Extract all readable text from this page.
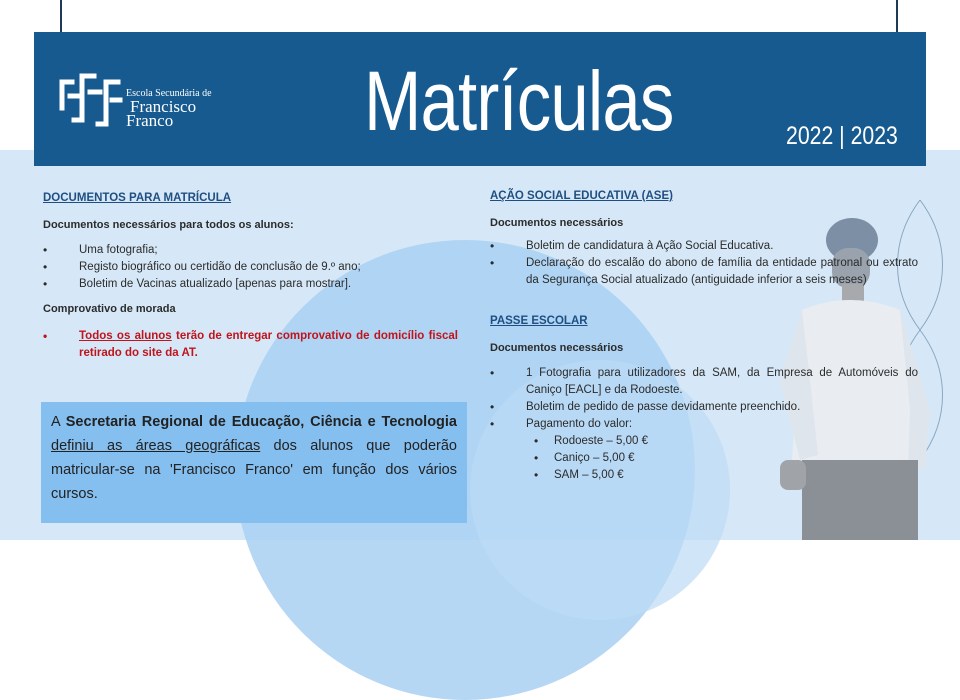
Escola Secundária de
Francisco
Franco Matrículas	2022 | 2023
DOCUMENTOS PARA MATRÍCULA
Documentos necessários para todos os alunos:
• Uma fotografia;
• Registo biográfico ou certidão de conclusão de 9.º ano;
• Boletim de Vacinas atualizado [apenas para mostrar].
Comprovativo de morada
• Todos os alunos terão de entregar comprovativo de domicílio fiscal retirado do site da AT.
A Secretaria Regional de Educação, Ciência e Tecnologia definiu as áreas geográficas dos alunos que poderão matricular-se na 'Francisco Franco' em função dos vários cursos.
AÇÃO SOCIAL EDUCATIVA (ASE)
Documentos necessários
• Boletim de candidatura à Ação Social Educativa.
• Declaração do escalão do abono de família da entidade patronal ou extrato da Segurança Social atualizado (antiguidade inferior a seis meses)
PASSE ESCOLAR
Documentos necessários
• 1 Fotografia para utilizadores da SAM, da Empresa de Automóveis do Caniço [EACL] e da Rodoeste.
• Boletim de pedido de passe devidamente preenchido.
• Pagamento do valor:
• Rodoeste – 5,00 €
• Caniço – 5,00 €
• SAM – 5,00 €
